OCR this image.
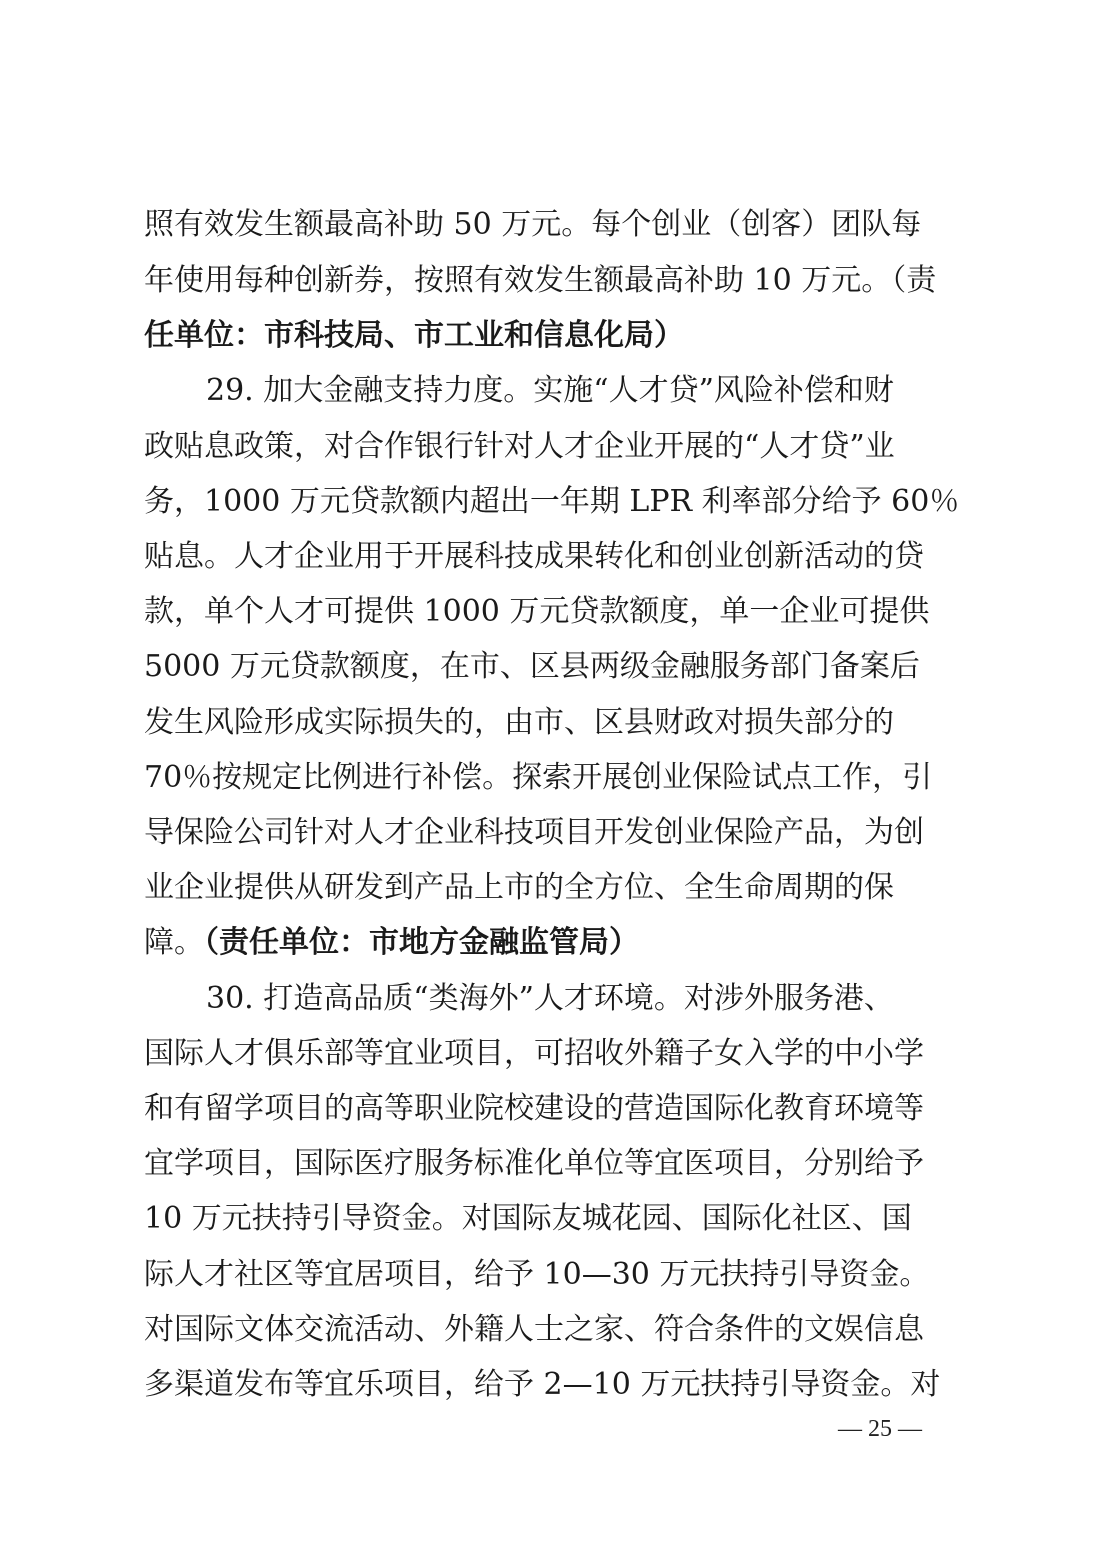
照有效发生额最高补助 50 万元。每个创业（创客）团队每
年使用每种创新券，按照有效发生额最高补助 10 万元。（责
任单位：市科技局、市工业和信息化局）
29. 加大金融支持力度。实施“人才贷”风险补偿和财
政贴息政策，对合作银行针对人才企业开展的“人才贷”业
务，1000 万元贷款额内超出一年期 LPR 利率部分给予 60％
贴息。人才企业用于开展科技成果转化和创业创新活动的贷
款，单个人才可提供 1000 万元贷款额度，单一企业可提供
5000 万元贷款额度，在市、区县两级金融服务部门备案后
发生风险形成实际损失的，由市、区县财政对损失部分的
70％按规定比例进行补偿。探索开展创业保险试点工作，引
导保险公司针对人才企业科技项目开发创业保险产品，为创
业企业提供从研发到产品上市的全方位、全生命周期的保
障。（责任单位：市地方金融监管局）
30. 打造高品质“类海外”人才环境。对涉外服务港、
国际人才俱乐部等宜业项目，可招收外籍子女入学的中小学
和有留学项目的高等职业院校建设的营造国际化教育环境等
宜学项目，国际医疗服务标准化单位等宜医项目，分别给予
10 万元扶持引导资金。对国际友城花园、国际化社区、国
际人才社区等宜居项目，给予 10—30 万元扶持引导资金。
对国际文体交流活动、外籍人士之家、符合条件的文娱信息
多渠道发布等宜乐项目，给予 2—10 万元扶持引导资金。对
— 25 —
